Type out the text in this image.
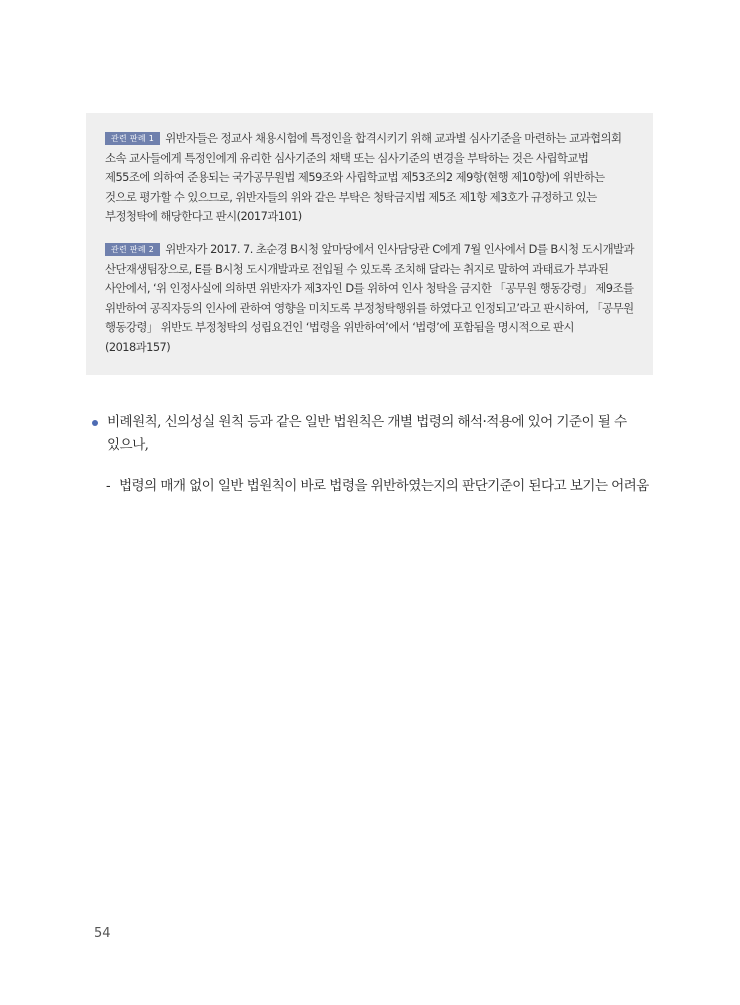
관련 판례 1 위반자들은 정교사 채용시험에 특정인을 합격시키기 위해 교과별 심사기준을 마련하는 교과협의회 소속 교사들에게 특정인에게 유리한 심사기준의 채택 또는 심사기준의 변경을 부탁하는 것은 사립학교법 제55조에 의하여 준용되는 국가공무원법 제59조와 사립학교법 제53조의2 제9항(현행 제10항)에 위반하는 것으로 평가할 수 있으므로, 위반자들의 위와 같은 부탁은 청탁금지법 제5조 제1항 제3호가 규정하고 있는 부정청탁에 해당한다고 판시(2017과101)

관련 판례 2 위반자가 2017. 7. 초순경 B시청 앞마당에서 인사담당관 C에게 7월 인사에서 D를 B시청 도시개발과 산단재생팀장으로, E를 B시청 도시개발과로 전입될 수 있도록 조치해 달라는 취지로 말하여 과태료가 부과된 사안에서, ‘위 인정사실에 의하면 위반자가 제3자인 D를 위하여 인사 청탁을 금지한 「공무원 행동강령」 제9조를 위반하여 공직자등의 인사에 관하여 영향을 미치도록 부정청탁행위를 하였다고 인정되고’라고 판시하여, 「공무원 행동강령」 위반도 부정청탁의 성립요건인 ‘법령을 위반하여’에서 ‘법령’에 포함됨을 명시적으로 판시(2018과157)

비례원칙, 신의성실 원칙 등과 같은 일반 법원칙은 개별 법령의 해석·적용에 있어 기준이 될 수 있으나,
- 법령의 매개 없이 일반 법원칙이 바로 법령을 위반하였는지의 판단기준이 된다고 보기는 어려움
54
